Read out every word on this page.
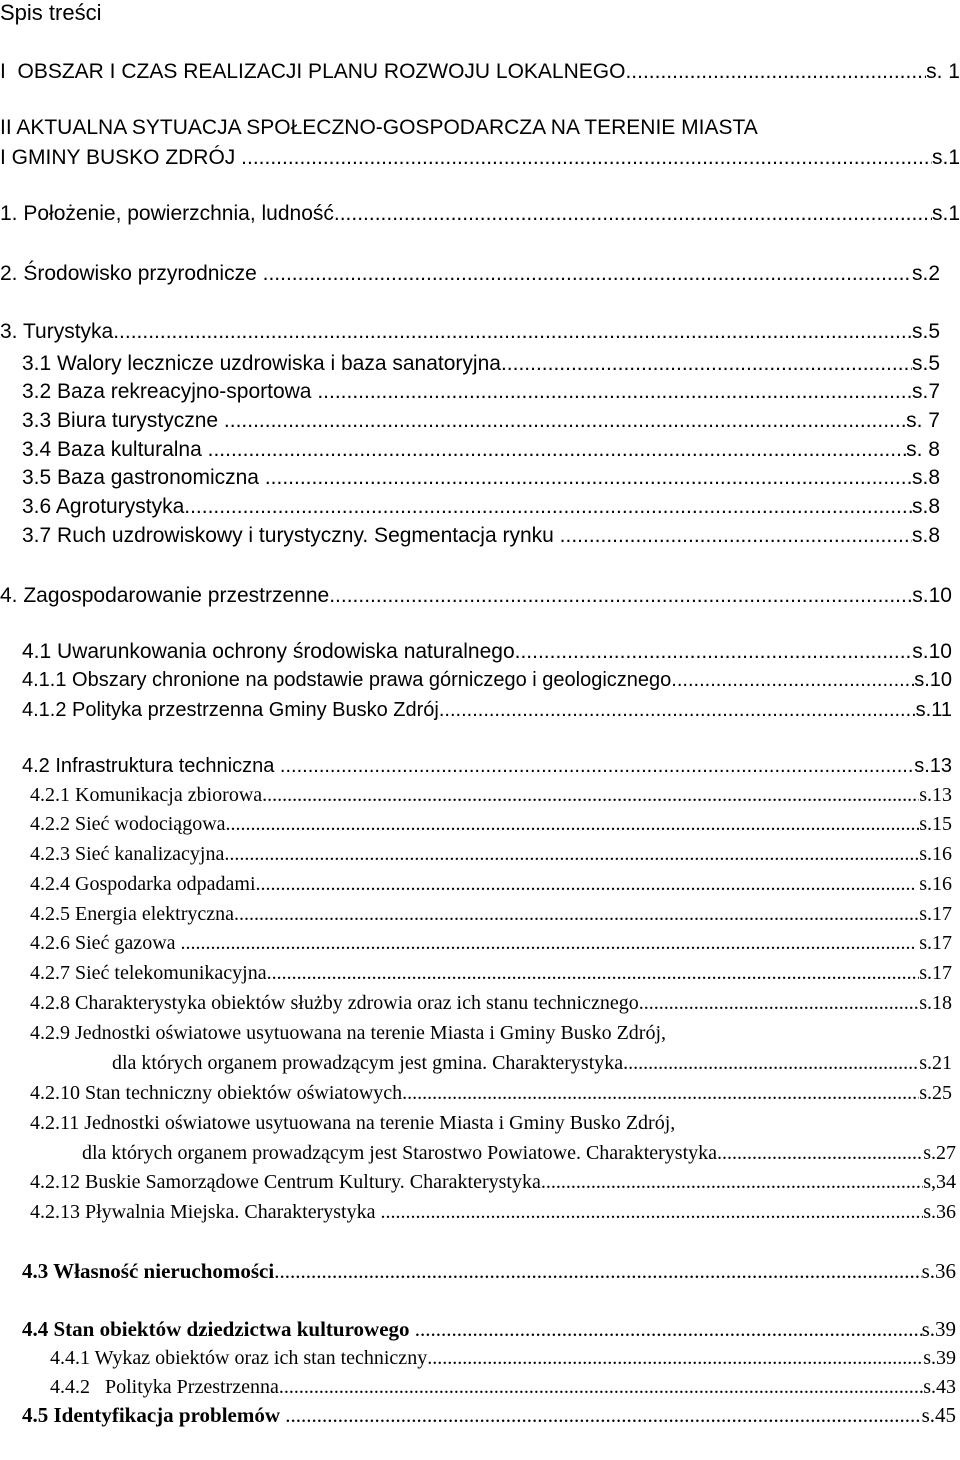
Spis treści
I  OBSZAR I CZAS REALIZACJI PLANU ROZWOJU LOKALNEGO .....	s. 1
II AKTUALNA SYTUACJA SPOŁECZNO-GOSPODARCZA NA TERENIE MIASTA
I GMINY BUSKO ZDRÓJ .....	s.1
1. Położenie, powierzchnia, ludność .....	s.1
2. Środowisko przyrodnicze .....	s.2
3. Turystyka .....	s.5
3.1 Walory lecznicze uzdrowiska i baza sanatoryjna .....	s.5
3.2 Baza rekreacyjno-sportowa .....	s.7
3.3 Biura turystyczne .....	s. 7
3.4 Baza kulturalna .....	s. 8
3.5 Baza gastronomiczna .....	s.8
3.6 Agroturystyka .....	s.8
3.7 Ruch uzdrowiskowy i turystyczny. Segmentacja rynku .....	s.8
4. Zagospodarowanie przestrzenne .....	s.10
4.1 Uwarunkowania ochrony środowiska naturalnego .....	s.10
4.1.1 Obszary chronione na podstawie prawa górniczego i geologicznego .....	s.10
4.1.2 Polityka przestrzenna Gminy Busko Zdrój .....	s.11
4.2 Infrastruktura techniczna .....	s.13
4.2.1 Komunikacja zbiorowa .....	s.13
4.2.2 Sieć wodociągowa .....	s.15
4.2.3 Sieć kanalizacyjna .....	s.16
4.2.4 Gospodarka odpadami .....	s.16
4.2.5 Energia elektryczna .....	s.17
4.2.6 Sieć gazowa .....	s.17
4.2.7 Sieć telekomunikacyjna .....	s.17
4.2.8 Charakterystyka obiektów służby zdrowia oraz ich stanu technicznego .....	s.18
4.2.9 Jednostki oświatowe usytuowana na terenie Miasta i Gminy Busko Zdrój,
dla których organem prowadzącym jest gmina. Charakterystyka .....	s.21
4.2.10 Stan techniczny obiektów oświatowych .....	s.25
4.2.11 Jednostki oświatowe usytuowana na terenie Miasta i Gminy Busko Zdrój,
dla których organem prowadzącym jest Starostwo Powiatowe. Charakterystyka .....	s.27
4.2.12 Buskie Samorządowe Centrum Kultury. Charakterystyka .....	s,34
4.2.13 Pływalnia Miejska. Charakterystyka .....	s.36
4.3 Własność nieruchomości .....	s.36
4.4 Stan obiektów dziedzictwa kulturowego .....	s.39
4.4.1 Wykaz obiektów oraz ich stan techniczny .....	s.39
4.4.2   Polityka Przestrzenna .....	s.43
4.5 Identyfikacja problemów .....	s.45
